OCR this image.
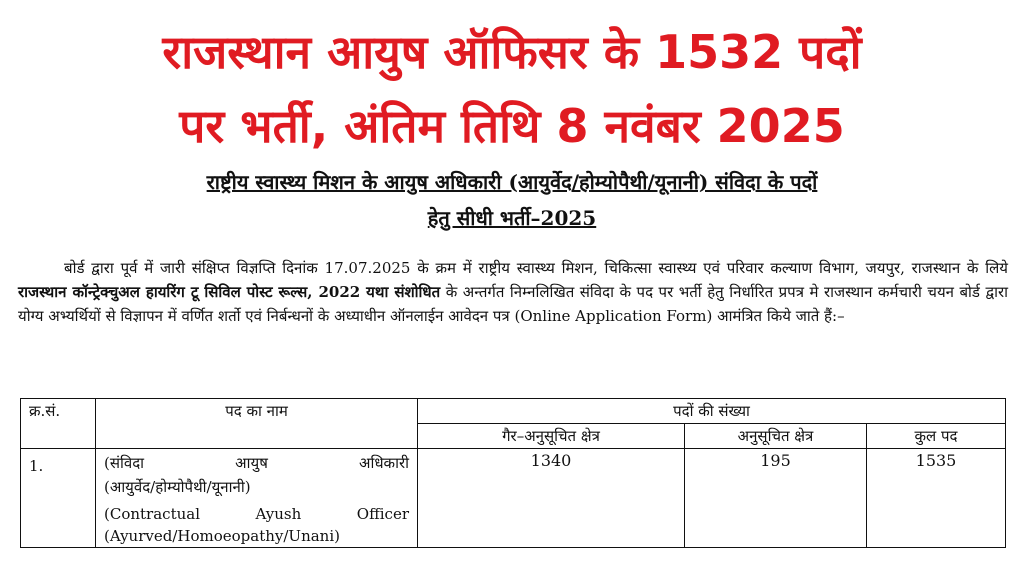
राजस्थान आयुष ऑफिसर के 1532 पदों
पर भर्ती, अंतिम तिथि 8 नवंबर 2025

राष्ट्रीय स्वास्थ्य मिशन के आयुष अधिकारी (आयुर्वेद/होम्योपैथी/यूनानी) संविदा के पदों

हेतु सीधी भर्ती–2025

बोर्ड द्वारा पूर्व में जारी संक्षिप्त विज्ञप्ति दिनांक 17.07.2025 के क्रम में राष्ट्रीय स्वास्थ्य मिशन, चिकित्सा स्वास्थ्य एवं परिवार कल्याण विभाग, जयपुर, राजस्थान के लिये राजस्थान कॉन्ट्रेक्चुअल हायरिंग टू सिविल पोस्ट रूल्स, 2022 यथा संशोधित के अन्तर्गत निम्नलिखित संविदा के पद पर भर्ती हेतु निर्धारित प्रपत्र मे राजस्थान कर्मचारी चयन बोर्ड द्वारा योग्य अभ्यर्थियों से विज्ञापन में वर्णित शर्तो एवं निर्बन्धनों के अध्याधीन ऑनलाईन आवेदन पत्र (Online Application Form) आमंत्रित किये जाते हैं:–

क्र.सं.	पद का नाम	पदों की संख्या		
		गैर–अनुसूचित क्षेत्र	अनुसूचित क्षेत्र	कुल पद
1.	(संविदा आयुष अधिकारी
(आयुर्वेद/होम्योपैथी/यूनानी)
(Contractual Ayush Officer
(Ayurved/Homoeopathy/Unani)	1340	195	1535
